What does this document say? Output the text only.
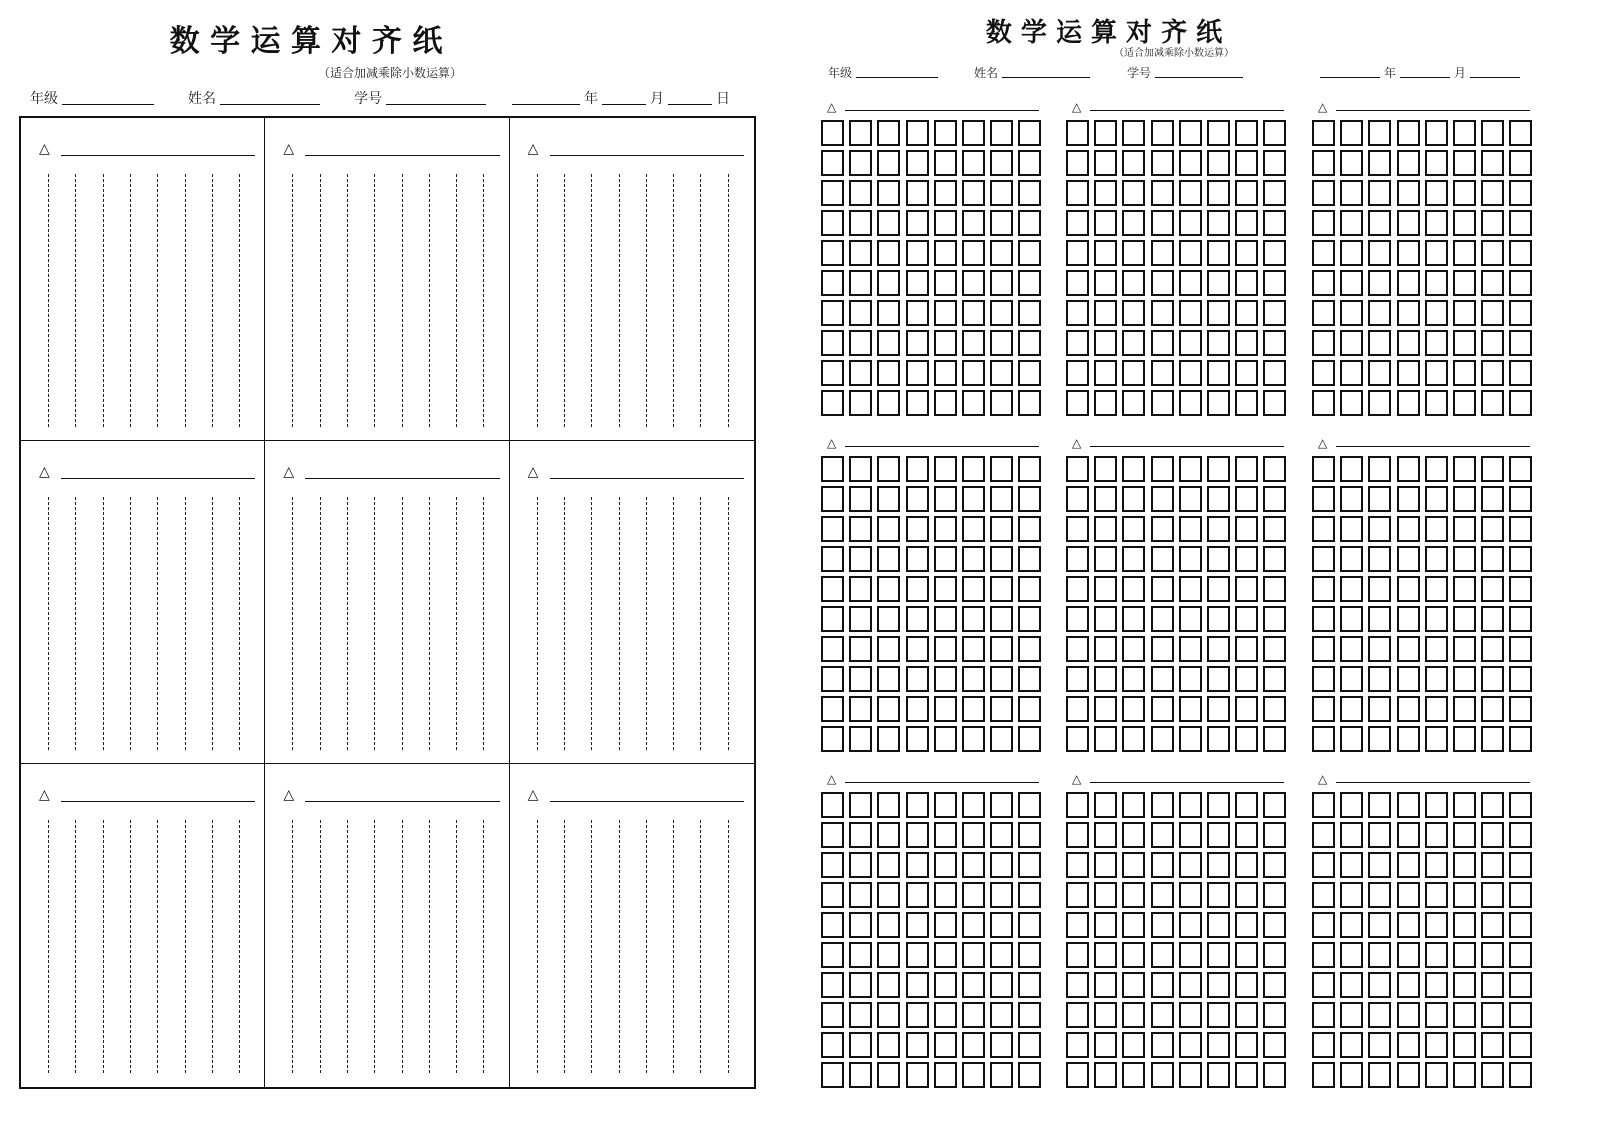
数 学 运 算 对 齐 纸
（适合加减乘除小数运算）
年级	姓名	学号	年	月	日
△	△	△
△	△	△
△	△	△
数 学 运 算 对 齐 纸
（适合加减乘除小数运算）
年级	姓名	学号	年	月
△	△	△
△	△	△
△	△	△
